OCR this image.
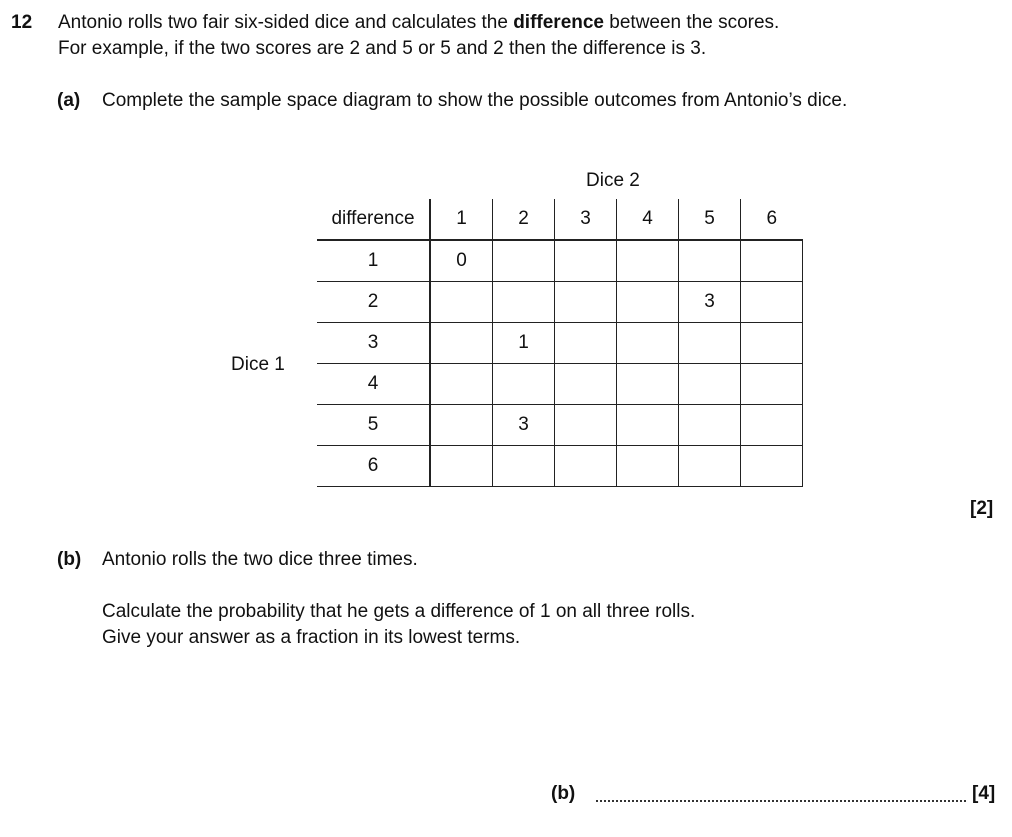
12 Antonio rolls two fair six-sided dice and calculates the difference between the scores.
For example, if the two scores are 2 and 5 or 5 and 2 then the difference is 3.
(a) Complete the sample space diagram to show the possible outcomes from Antonio’s dice.
Dice 2
Dice 1
difference	1	2	3	4	5	6
1	0					
2					3	
3		1				
4						
5		3				
6						
[2]
(b) Antonio rolls the two dice three times.
Calculate the probability that he gets a difference of 1 on all three rolls.
Give your answer as a fraction in its lowest terms.
(b)	[4]
